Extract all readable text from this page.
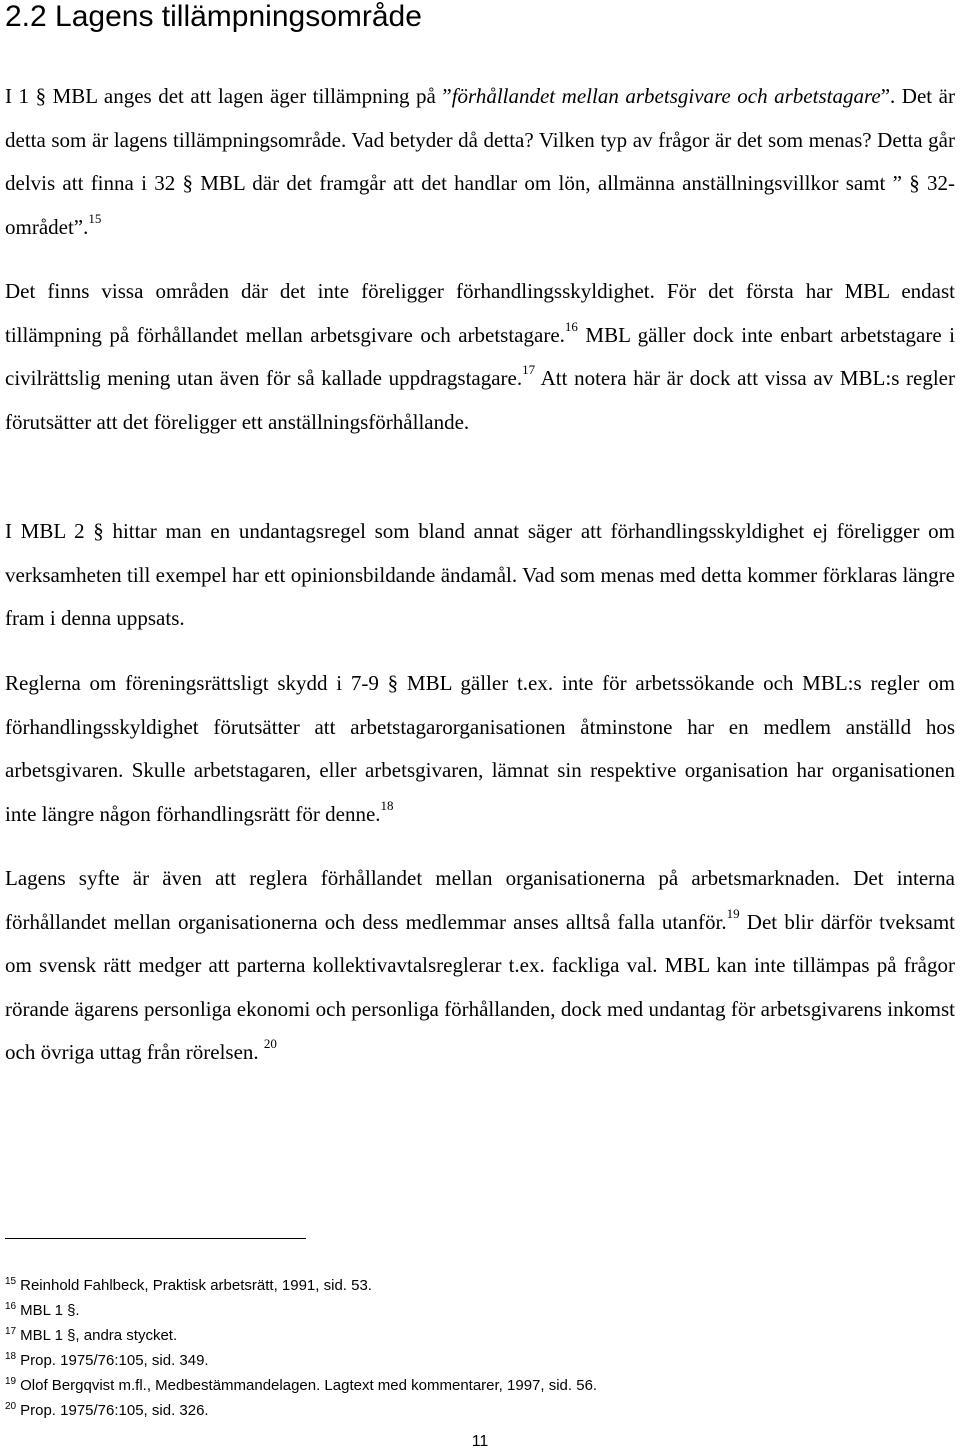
2.2 Lagens tillämpningsområde

I 1 § MBL anges det att lagen äger tillämpning på ”förhållandet mellan arbetsgivare och arbetstagare”. Det är detta som är lagens tillämpningsområde. Vad betyder då detta? Vilken typ av frågor är det som menas? Detta går delvis att finna i 32 § MBL där det framgår att det handlar om lön, allmänna anställningsvillkor samt ” § 32- området”.$^{15}$

Det finns vissa områden där det inte föreligger förhandlingsskyldighet. För det första har MBL endast tillämpning på förhållandet mellan arbetsgivare och arbetstagare.$^{16}$ MBL gäller dock inte enbart arbetstagare i civilrättslig mening utan även för så kallade uppdragstagare.$^{17}$ Att notera här är dock att vissa av MBL:s regler förutsätter att det föreligger ett anställningsförhållande.

I MBL 2 § hittar man en undantagsregel som bland annat säger att förhandlingsskyldighet ej föreligger om verksamheten till exempel har ett opinionsbildande ändamål. Vad som menas med detta kommer förklaras längre fram i denna uppsats.

Reglerna om föreningsrättsligt skydd i 7-9 § MBL gäller t.ex. inte för arbetssökande och MBL:s regler om förhandlingsskyldighet förutsätter att arbetstagarorganisationen åtminstone har en medlem anställd hos arbetsgivaren. Skulle arbetstagaren, eller arbetsgivaren, lämnat sin respektive organisation har organisationen inte längre någon förhandlingsrätt för denne.$^{18}$

Lagens syfte är även att reglera förhållandet mellan organisationerna på arbetsmarknaden. Det interna förhållandet mellan organisationerna och dess medlemmar anses alltså falla utanför.$^{19}$ Det blir därför tveksamt om svensk rätt medger att parterna kollektivavtalsreglerar t.ex. fackliga val. MBL kan inte tillämpas på frågor rörande ägarens personliga ekonomi och personliga förhållanden, dock med undantag för arbetsgivarens inkomst och övriga uttag från rörelsen. $^{20}$

$^{15}$ Reinhold Fahlbeck, Praktisk arbetsrätt, 1991, sid. 53.
$^{16}$ MBL 1 §.
$^{17}$ MBL 1 §, andra stycket.
$^{18}$ Prop. 1975/76:105, sid. 349.
$^{19}$ Olof Bergqvist m.fl., Medbestämmandelagen. Lagtext med kommentarer, 1997, sid. 56.
$^{20}$ Prop. 1975/76:105, sid. 326.
11
